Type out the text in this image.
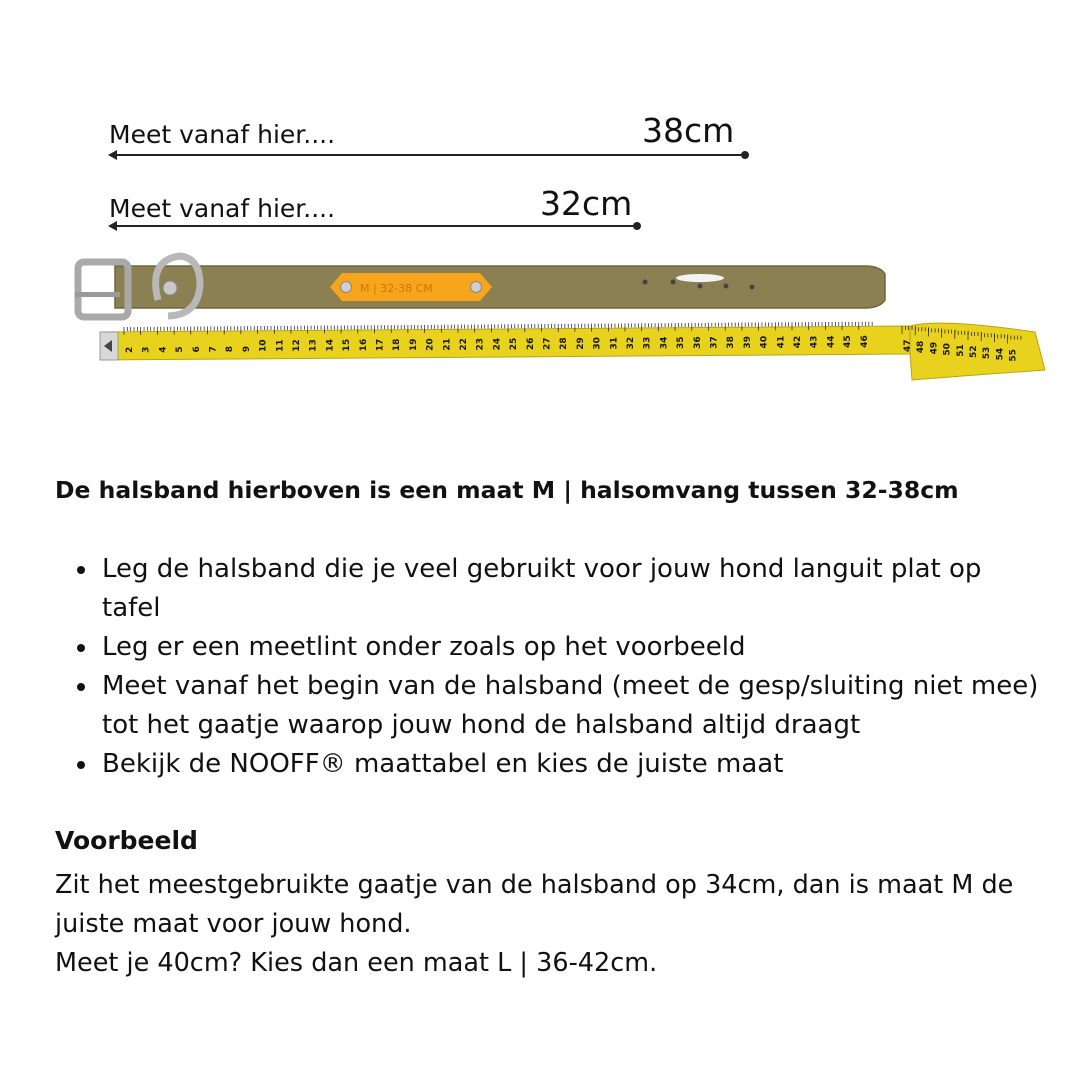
Meet vanaf hier....	38cm
Meet vanaf hier....	32cm
M | 32-38 CM
2 3 4 5 6 7 8 9 10 11 12 13 14 15 16 17 18 19 20 21 22 23 24 25 26 27 28 29 30 31 32 33 34 35 36 37 38 39 40 41 42 43 44 45 46	47 48 49 50 51 52 53 54 55
De halsband hierboven is een maat M | halsomvang tussen 32-38cm
Leg de halsband die je veel gebruikt voor jouw hond languit plat op tafel
Leg er een meetlint onder zoals op het voorbeeld
Meet vanaf het begin van de halsband (meet de gesp/sluiting niet mee) tot het gaatje waarop jouw hond de halsband altijd draagt
Bekijk de NOOFF® maattabel en kies de juiste maat
Voorbeeld

Zit het meestgebruikte gaatje van de halsband op 34cm, dan is maat M de juiste maat voor jouw hond.

Meet je 40cm? Kies dan een maat L | 36-42cm.
